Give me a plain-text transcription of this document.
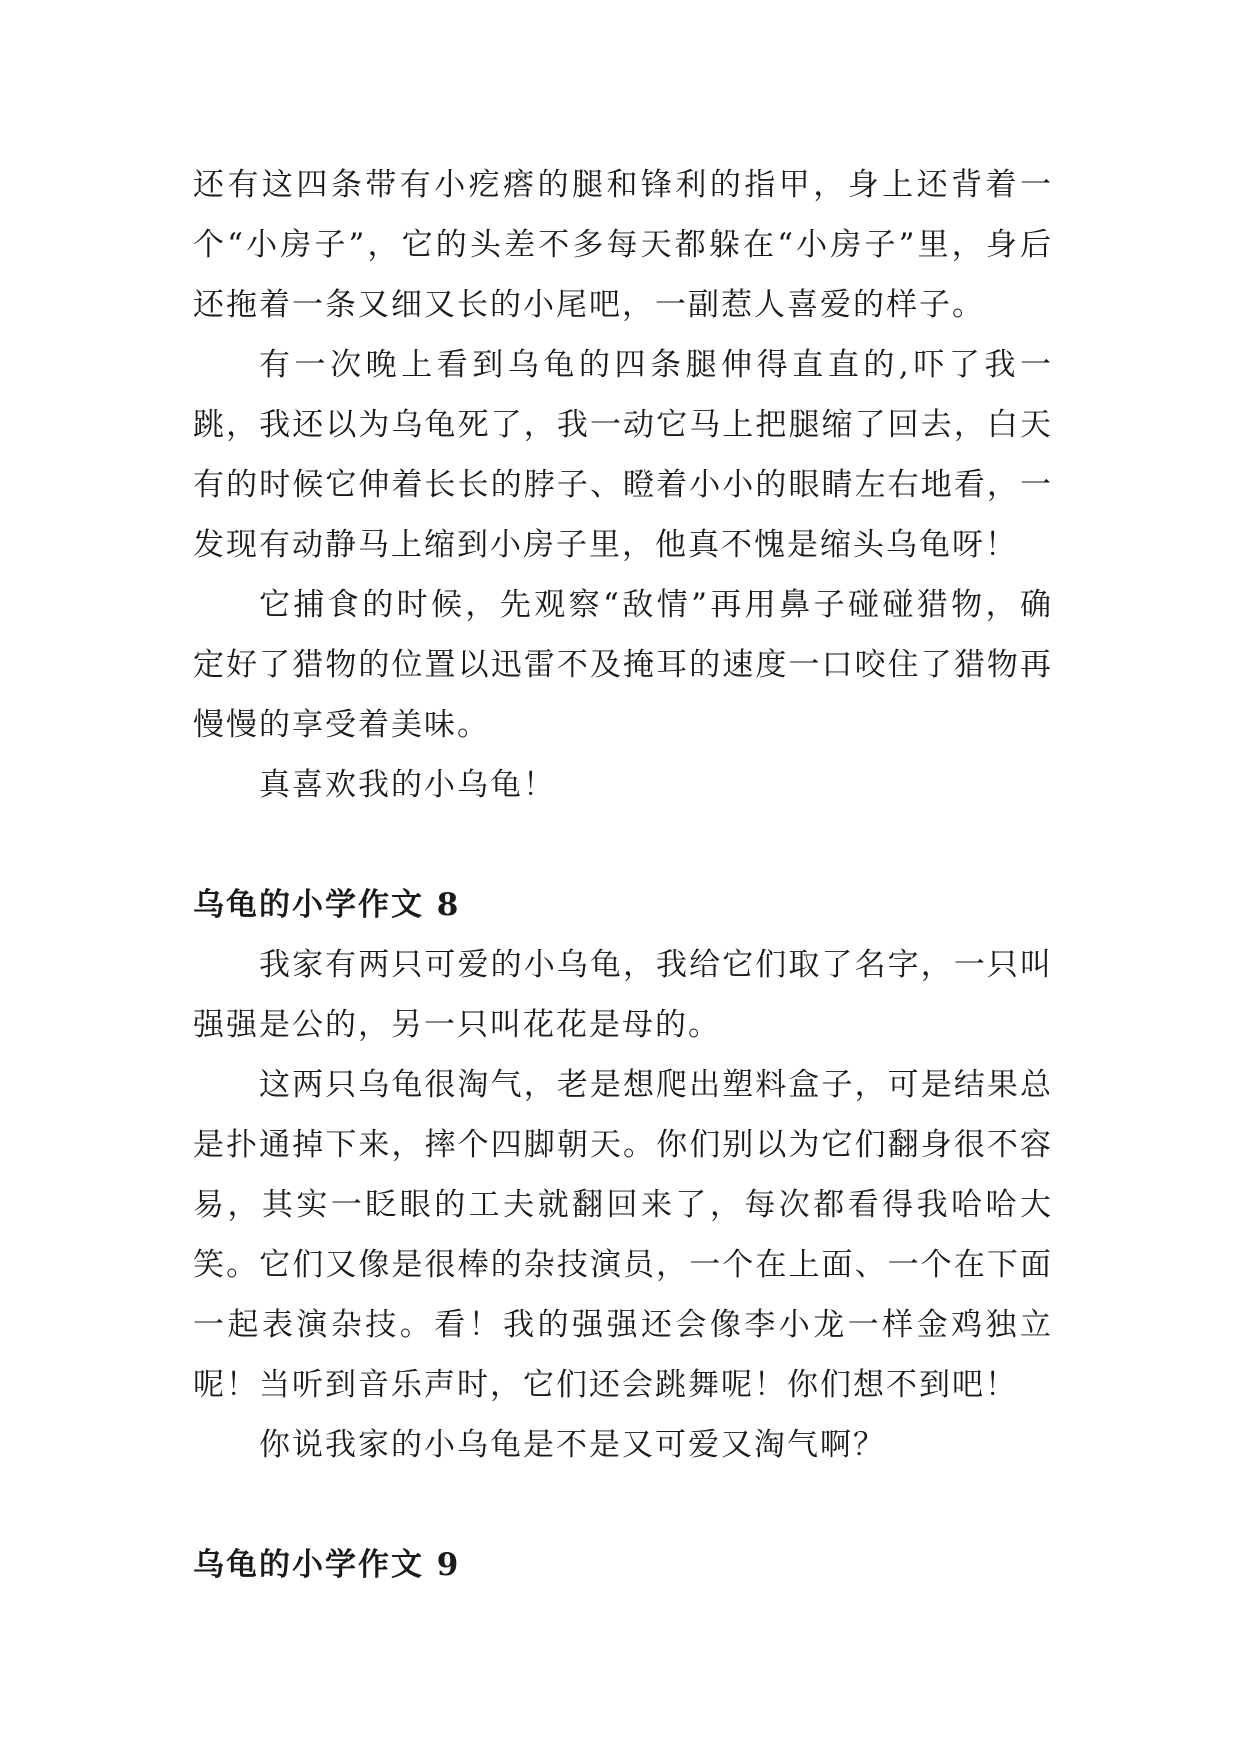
还有这四条带有小疙瘩的腿和锋利的指甲，身上还背着一个“小房子”，它的头差不多每天都躲在“小房子”里，身后还拖着一条又细又长的小尾吧，一副惹人喜爱的样子。

有一次晚上看到乌龟的四条腿伸得直直的,吓了我一跳，我还以为乌龟死了，我一动它马上把腿缩了回去，白天有的时候它伸着长长的脖子、瞪着小小的眼睛左右地看，一发现有动静马上缩到小房子里，他真不愧是缩头乌龟呀！

它捕食的时候，先观察“敌情”再用鼻子碰碰猎物，确定好了猎物的位置以迅雷不及掩耳的速度一口咬住了猎物再慢慢的享受着美味。

真喜欢我的小乌龟！

乌龟的小学作文 8

我家有两只可爱的小乌龟，我给它们取了名字，一只叫强强是公的，另一只叫花花是母的。

这两只乌龟很淘气，老是想爬出塑料盒子，可是结果总是扑通掉下来，摔个四脚朝天。你们别以为它们翻身很不容易，其实一眨眼的工夫就翻回来了，每次都看得我哈哈大笑。它们又像是很棒的杂技演员，一个在上面、一个在下面一起表演杂技。看！我的强强还会像李小龙一样金鸡独立呢！当听到音乐声时，它们还会跳舞呢！你们想不到吧！

你说我家的小乌龟是不是又可爱又淘气啊？

乌龟的小学作文 9
